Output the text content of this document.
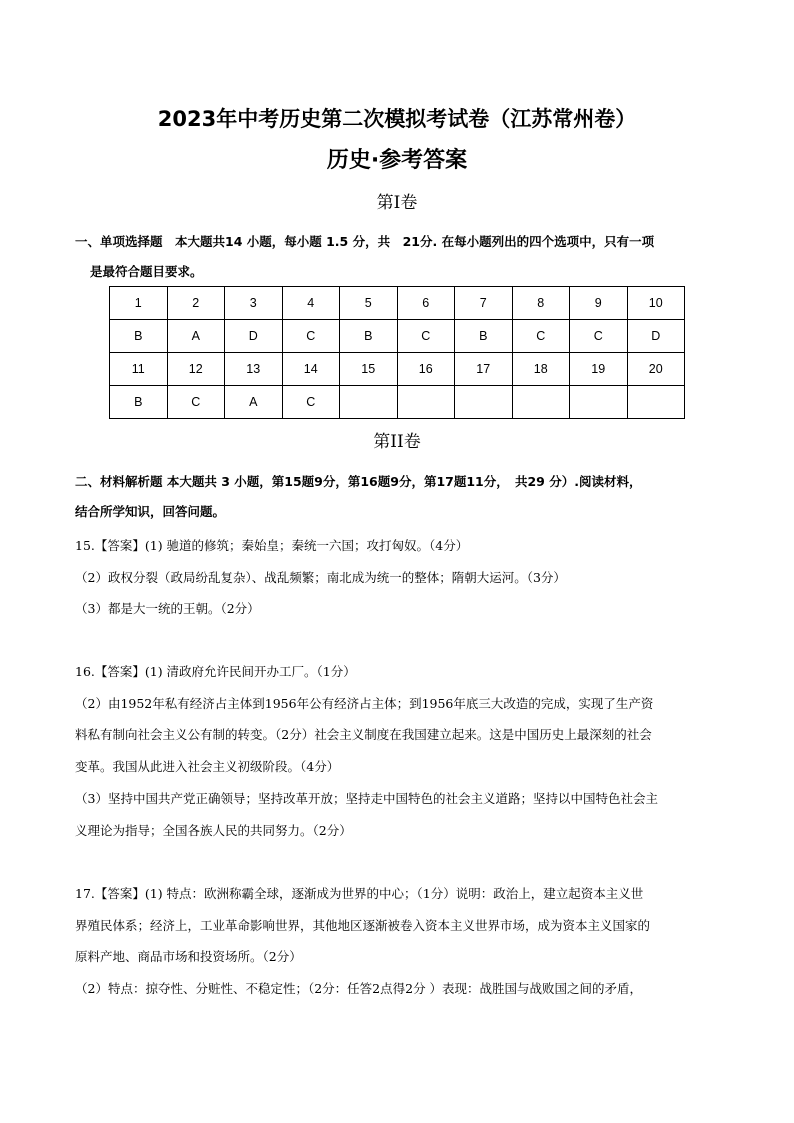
2023年中考历史第二次模拟考试卷（江苏常州卷）
历史·参考答案
第Ⅰ卷
一、单项选择题　本大题共14 小题，每小题 1.5 分，共　21分. 在每小题列出的四个选项中，只有一项
是最符合题目要求。
1	2	3	4	5	6	7	8	9	10
B	A	D	C	B	C	B	C	C	D
11	12	13	14	15	16	17	18	19	20
B	C	A	C						
第II卷
二、材料解析题 本大题共 3 小题，第15题9分，第16题9分，第17题11分，　共29 分）.阅读材料，
结合所学知识，回答问题。
15.【答案】(1) 驰道的修筑；秦始皇；秦统一六国；攻打匈奴。（4分）
（2）政权分裂（政局纷乱复杂）、战乱频繁；南北成为统一的整体；隋朝大运河。（3分）
（3）都是大一统的王朝。（2分）
16.【答案】(1) 清政府允许民间开办工厂。（1分）
（2）由1952年私有经济占主体到1956年公有经济占主体；到1956年底三大改造的完成，实现了生产资
料私有制向社会主义公有制的转变。（2分）社会主义制度在我国建立起来。这是中国历史上最深刻的社会
变革。我国从此进入社会主义初级阶段。（4分）
（3）坚持中国共产党正确领导；坚持改革开放；坚持走中国特色的社会主义道路；坚持以中国特色社会主
义理论为指导；全国各族人民的共同努力。（2分）
17.【答案】(1) 特点：欧洲称霸全球，逐渐成为世界的中心；（1分）说明：政治上，建立起资本主义世
界殖民体系；经济上，工业革命影响世界，其他地区逐渐被卷入资本主义世界市场，成为资本主义国家的
原料产地、商品市场和投资场所。（2分）
（2）特点：掠夺性、分赃性、不稳定性；（2分：任答2点得2分 ）表现：战胜国与战败国之间的矛盾，
